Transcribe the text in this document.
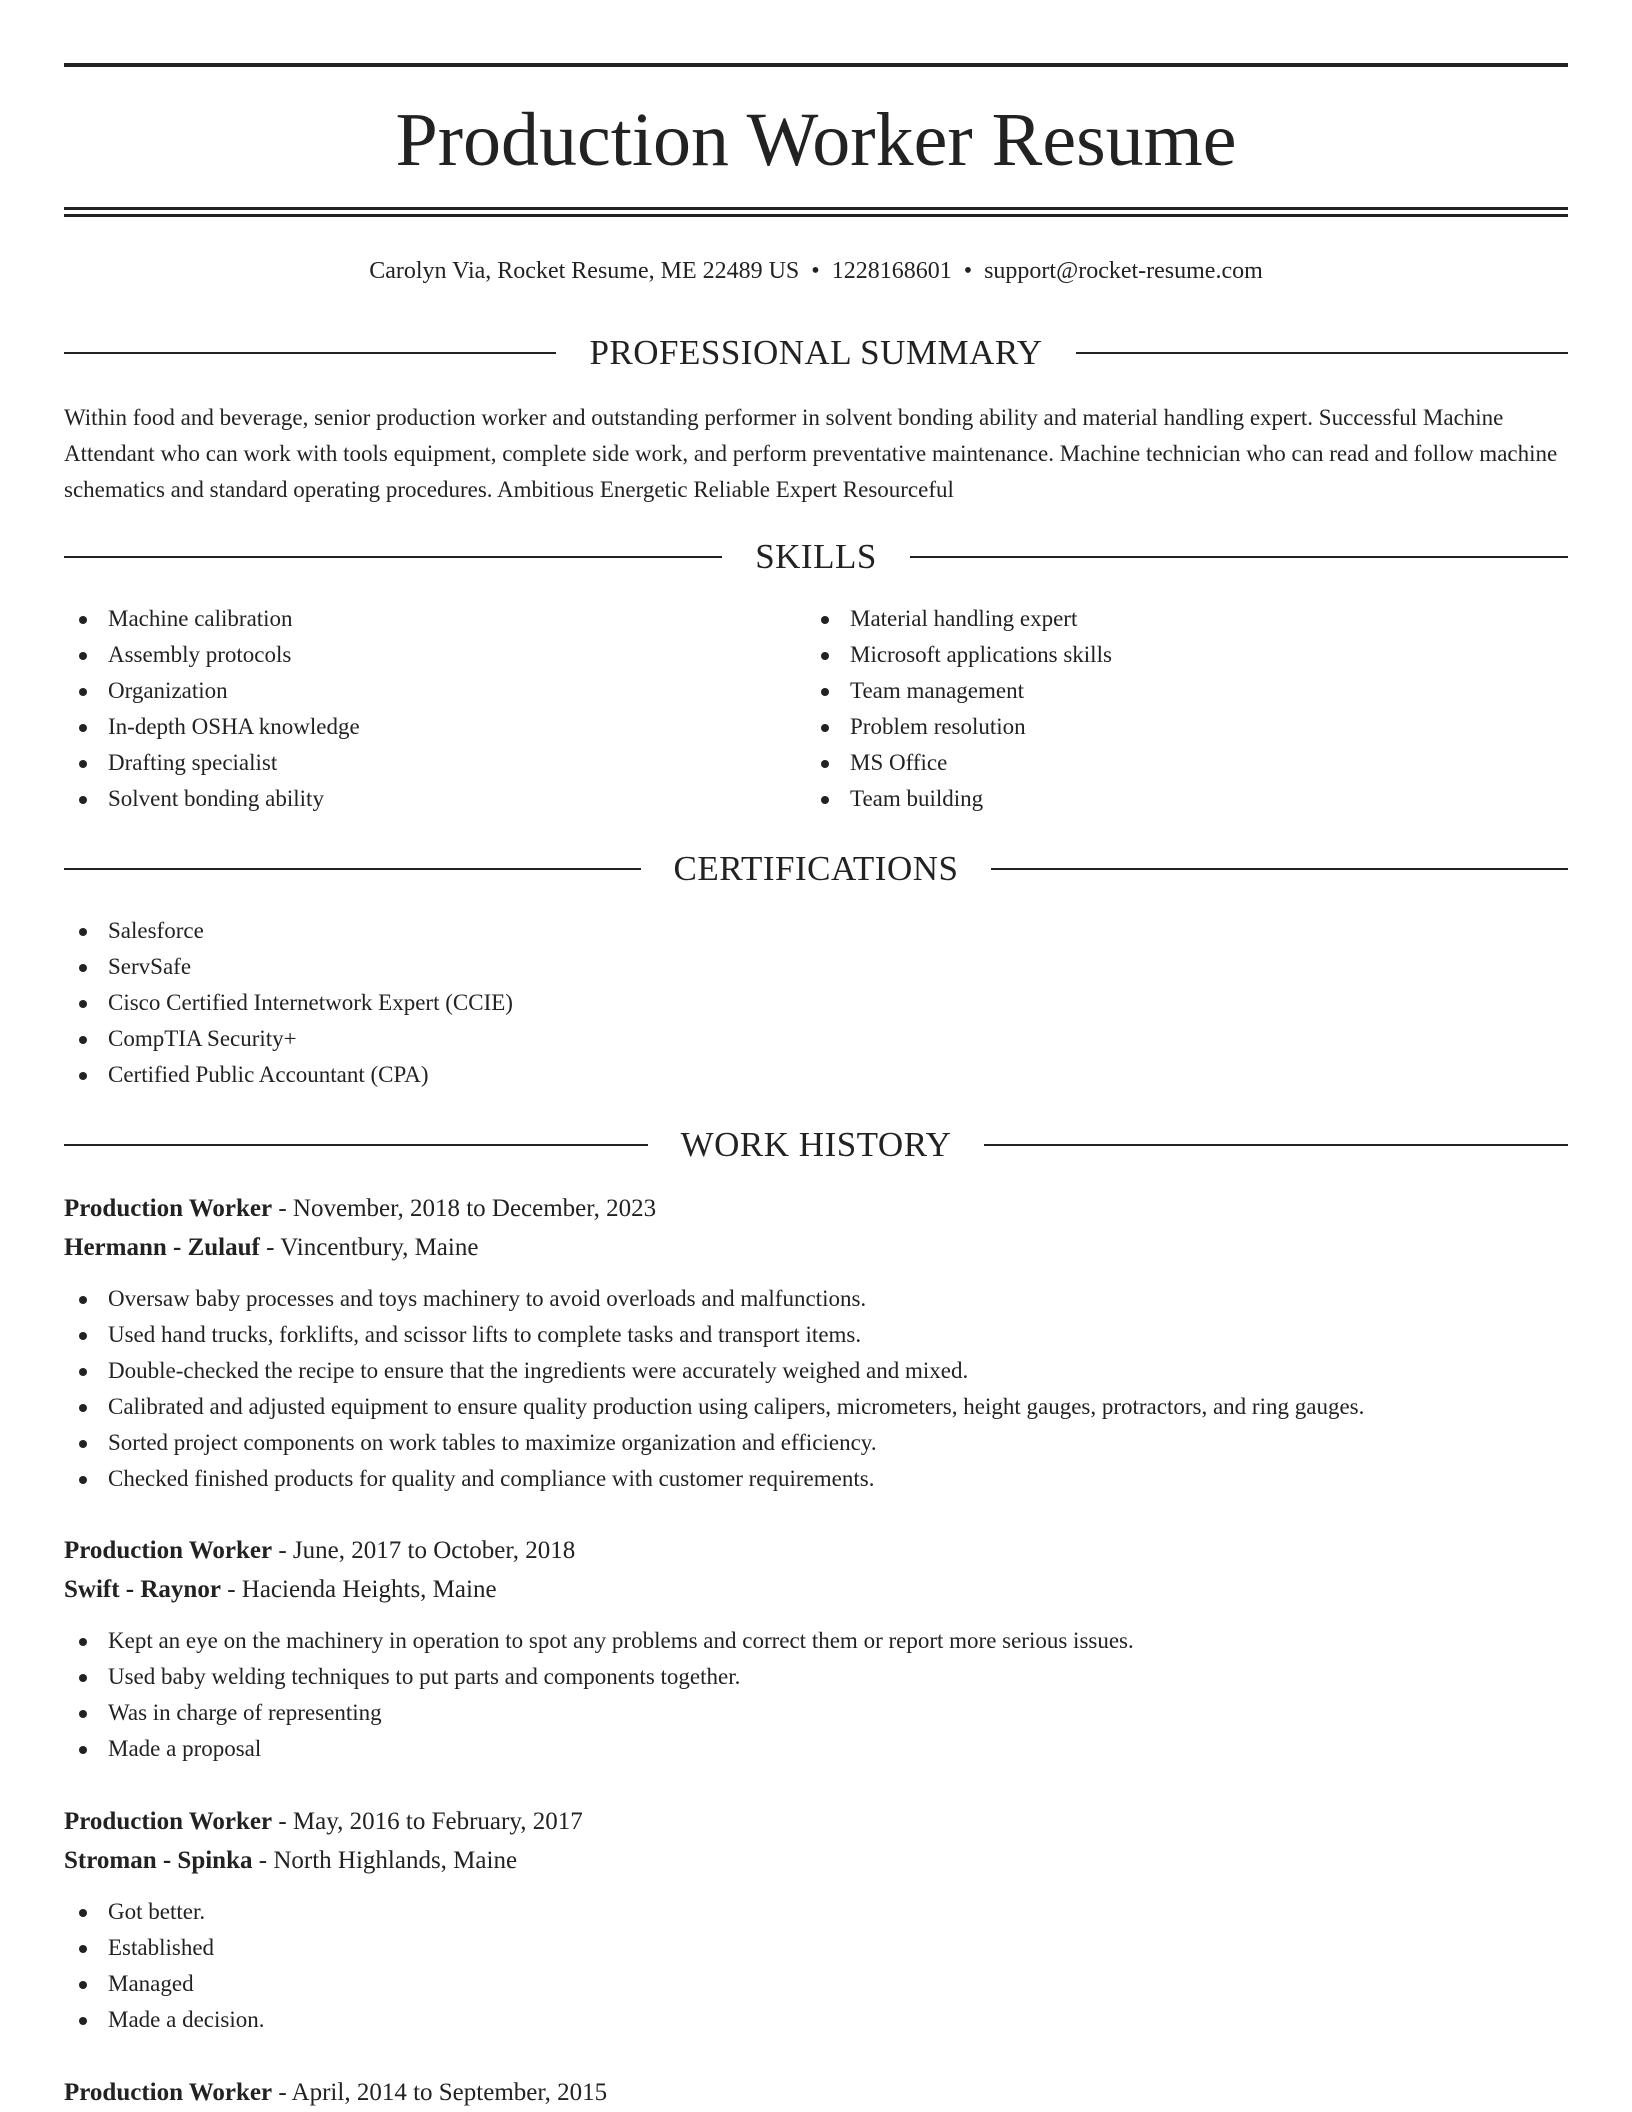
Production Worker Resume
Carolyn Via, Rocket Resume, ME 22489 US • 1228168601 • support@rocket-resume.com
PROFESSIONAL SUMMARY

Within food and beverage, senior production worker and outstanding performer in solvent bonding ability and material handling expert. Successful Machine Attendant who can work with tools equipment, complete side work, and perform preventative maintenance. Machine technician who can read and follow machine schematics and standard operating procedures. Ambitious Energetic Reliable Expert Resourceful

SKILLS
Machine calibration
Assembly protocols
Organization
In-depth OSHA knowledge
Drafting specialist
Solvent bonding ability
Material handling expert
Microsoft applications skills
Team management
Problem resolution
MS Office
Team building
CERTIFICATIONS
Salesforce
ServSafe
Cisco Certified Internetwork Expert (CCIE)
CompTIA Security+
Certified Public Accountant (CPA)
WORK HISTORY
Production Worker - November, 2018 to December, 2023
Hermann - Zulauf - Vincentbury, Maine
Oversaw baby processes and toys machinery to avoid overloads and malfunctions.
Used hand trucks, forklifts, and scissor lifts to complete tasks and transport items.
Double-checked the recipe to ensure that the ingredients were accurately weighed and mixed.
Calibrated and adjusted equipment to ensure quality production using calipers, micrometers, height gauges, protractors, and ring gauges.
Sorted project components on work tables to maximize organization and efficiency.
Checked finished products for quality and compliance with customer requirements.
Production Worker - June, 2017 to October, 2018
Swift - Raynor - Hacienda Heights, Maine
Kept an eye on the machinery in operation to spot any problems and correct them or report more serious issues.
Used baby welding techniques to put parts and components together.
Was in charge of representing
Made a proposal
Production Worker - May, 2016 to February, 2017
Stroman - Spinka - North Highlands, Maine
Got better.
Established
Managed
Made a decision.
Production Worker - April, 2014 to September, 2015
